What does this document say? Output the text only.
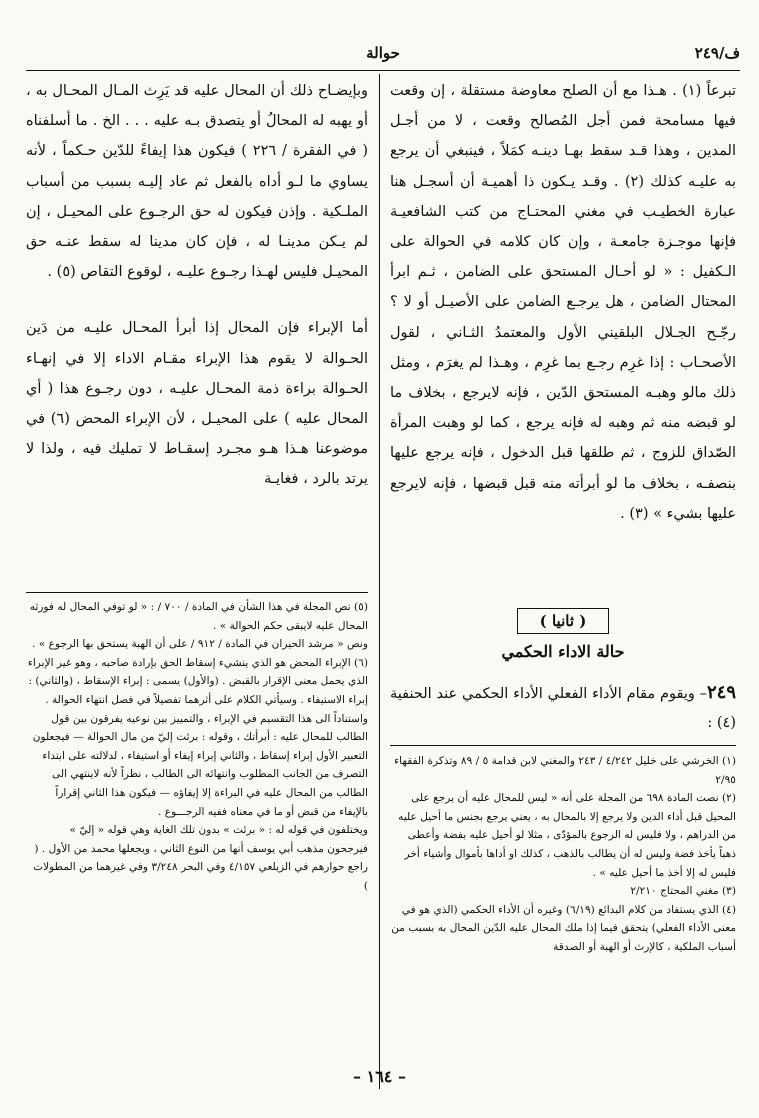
ف/٢٤٩
حوالة

تبرعاً (١) . هـذا مع أن الصلح معاوضة مستقلة ، إن وقعت فيها مسامحة فمن أجل المُصالح وقعت ، لا من أجـل المدين ، وهذا قـد سقط بهـا دينـه كمَلاً ، فينبغي أن يرجع به عليـه كذلك (٢) . وقـد يـكون ذا أهميـة أن أسجـل هنا عبارة الخطيـب في مغني المحتـاج من كتب الشافعيـة فإنها موجـزة جامعـة ، وإن كان كلامه في الحوالة على الـكفيل : « لو أحـال المستحق على الضامن ، ثـم ابرأ المحتال الضامن ، هل يرجـع الضامن على الأصيـل أو لا ؟ رجّـح الجـلال البلقيني الأول والمعتمدُ الثـاني ، لقول الأصحـاب : إذا غرِم رجـع بما غرِم ، وهـذا لم يغرَم ، ومثل ذلك مالو وهبـه المستحق الدّين ، فإنه لايرجع ، بخلاف ما لو قبضه منه ثم وهبه له فإنه يرجع ، كما لو وهبت المرأة الصّداق للزوج ، ثم طلقها قبل الدخول ، فإنه يرجع عليها بنصفـه ، بخلاف ما لو أبرأته منه قبل قبضها ، فإنه لايرجع عليها بشيء » (٣) .

( ثانيا )
حالة الاداء الحكمي
٢٤٩– ويقوم مقام الأداء الفعلي الأداء الحكمي عند الحنفية (٤) :

(١) الخرشي على خليل ٤/٢٤٢ / ٢٤٣ والمغني لابن قدامة ٥ / ٨٩ وتذكرة الفقهاء ٢/٩٥

(٢) نصت المادة ٦٩٨ من المجلة على أنه « ليس للمحال عليه أن يرجع على المحيل قبل أداء الدين ولا يرجع إلا بالمحال به ، يعني يرجع بجنس ما أحيل عليه من الدراهم ، ولا فليس له الرجوع بالمؤدّى ، مثلا لو أحيل عليه بفضة وأعطى ذهباً يأخذ فضة وليس له أن يطالب بالذهب ، كذلك او أداها بأموال وأشياء أخر فليس له إلا أخذ ما أحيل عليه » .

(٣) مغني المحتاج ٢/٢١٠

(٤) الذي يستفاد من كلام البدائع (٦/١٩) وغيره أن الأداء الحكمي (الذي هو في معنى الأداء الفعلي) يتحقق فيما إذا ملك المحال عليه الدّين المحال به بسبب من أسباب الملكية ، كالإرث أو الهبة أو الصدقة

وبإيضـاح ذلك أن المحال عليه قد يَرِث المـال المحـال به ، أو يهبه له المحالُ أو يتصدق بـه عليه . . . الخ . ما أسلفناه ( في الفقرة / ٢٢٦ ) فيكون هذا إيفاءً للدّين حـكماً ، لأنه يساوي ما لـو أداه بالفعل ثم عاد إليـه بسبب من أسباب الملـكية . وإذن فيكون له حق الرجـوع على المحيـل ، إن لم يـكن مدينـا له ، فإن كان مدينا له سقط عنـه حق المحيـل فليس لهـذا رجـوع عليـه ، لوقوع التقاص (٥) .

أما الإبراء فإن المحال إذا أبرأ المحـال عليـه من دَين الحـوالة لا يقوم هذا الإبراء مقـام الاداء إلا في إنهـاء الحـوالة براءة ذمة المحـال عليـه ، دون رجـوع هذا ( أي المحال عليه ) على المحيـل ، لأن الإبراء المحض (٦) في موضوعنا هـذا هـو مجـرد إسقـاط لا تمليك فيه ، ولذا لا يرتد بالرد ، فغايـة

(٥) نص المجلة في هذا الشأن في المادة / ٧٠٠ / : « لو توفي المحال له فورثه المحال عليه لايبقى حكم الحوالة » .

ونص « مرشد الحيران في المادة / ٩١٢ / على أن الهبة يستحق بها الرجوع » .

(٦) الإبراء المحض هو الذي ينشيء إسقاط الحق بإرادة صاحبه ، وهو غير الإبراء الذي يحمل معنى الإقرار بالقبض . (والأول) يسمى : إبراء الإسقاط ، (والثاني) : إبراء الاستيفاء . وسيأتي الكلام على أثرهما تفصيلاً في فصل انتهاء الحوالة .

واستناداً الى هذا التقسيم في الإبراء ، والتمييز بين نوعيه يفرقون بين قول الطالب للمحال عليه : أبرأتك ، وقوله : برئت إليّ من مال الحوالة — فيجعلون التعبير الأول إبراء إسقاط ، والثاني إبراء إيفاء أو استيفاء ، لدلالته على ابتداء التصرف من الجانب المطلوب وانتهائه الى الطالب ، نظراً لأنه لاينتهي الى الطالب من المحال عليه في البراءة إلا إيفاؤه — فيكون هذا الثاني إقراراً بالإيفاء من قبض أو ما في معناه ففيه الرجـــوع .

ويختلفون في قوله له : « برئت » بدون تلك الغاية وهي قوله « إليّ » فيرجحون مذهب أبي يوسف أنها من النوع الثاني ، ويجعلها محمد من الأول . ( راجع حوارهم في الزيلعي ٤/١٥٧ وفي البحر ٣/٢٤٨ وفي غيرهما من المطولات )

– ١٦٤ –
